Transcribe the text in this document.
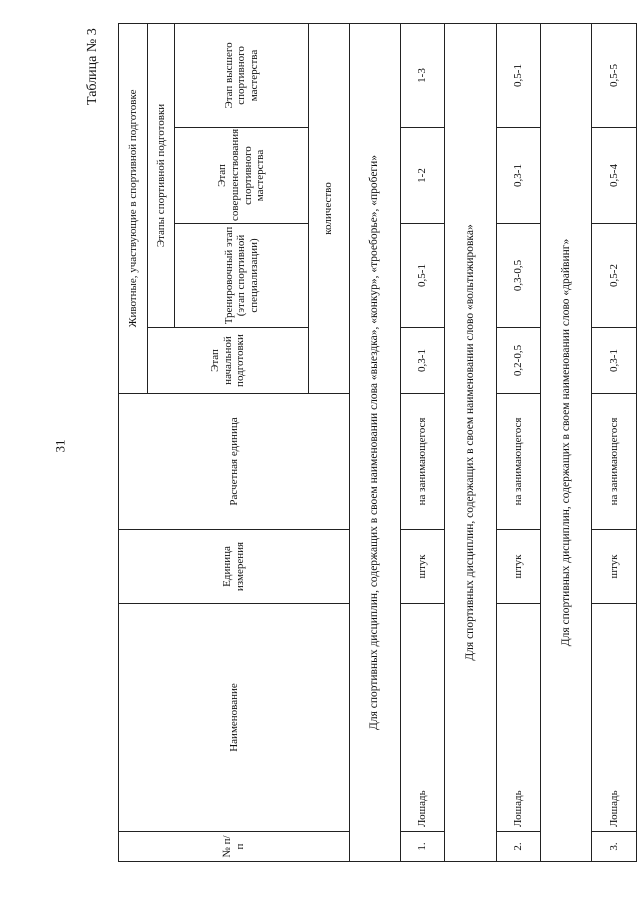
31
Таблица № 3
№ п/п	Наименование	Единица измерения	Расчетная единица	Животные, участвующие в спортивной подготовке			
				Этап начальной подготовки	Этапы спортивной подготовки		
					Тренировочный этап (этап спортивной специализации)	Этап совершенствования спортивного мастерства	Этап высшего спортивного мастерства
				количество			
Для спортивных дисциплин, содержащих в своем наименовании слова «выездка», «конкур», «троеборье», «пробеги»							
1.	Лошадь	штук	на занимающегося	0,3-1	0,5-1	1-2	1-3
Для спортивных дисциплин, содержащих в своем наименовании слово «вольтижировка»							
2.	Лошадь	штук	на занимающегося	0,2-0,5	0,3-0,5	0,3-1	0,5-1
Для спортивных дисциплин, содержащих в своем наименовании слово «драйвинг»							
3.	Лошадь	штук	на занимающегося	0,3-1	0,5-2	0,5-4	0,5-5
